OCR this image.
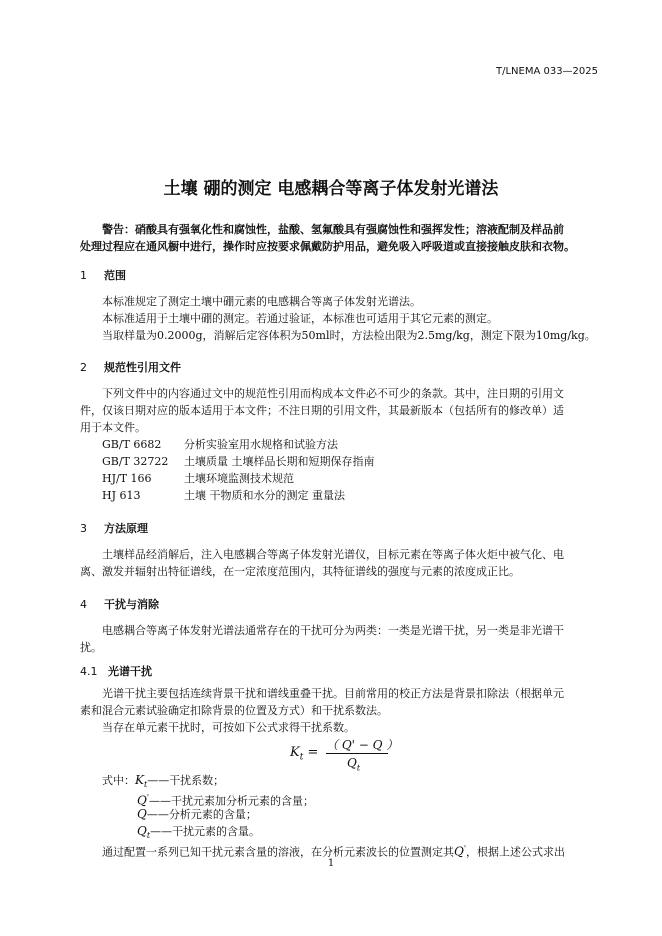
T/LNEMA 033—2025
土壤 硼的测定 电感耦合等离子体发射光谱法
警告：硝酸具有强氧化性和腐蚀性，盐酸、氢氟酸具有强腐蚀性和强挥发性；溶液配制及样品前
处理过程应在通风橱中进行，操作时应按要求佩戴防护用品，避免吸入呼吸道或直接接触皮肤和衣物。
1 范围
本标准规定了测定土壤中硼元素的电感耦合等离子体发射光谱法。
本标准适用于土壤中硼的测定。若通过验证，本标准也可适用于其它元素的测定。
当取样量为0.2000g，消解后定容体积为50ml时，方法检出限为2.5mg/kg，测定下限为10mg/kg。
2 规范性引用文件
下列文件中的内容通过文中的规范性引用而构成本文件必不可少的条款。其中，注日期的引用文
件，仅该日期对应的版本适用于本文件；不注日期的引用文件，其最新版本（包括所有的修改单）适
用于本文件。
GB/T 6682 分析实验室用水规格和试验方法
GB/T 32722 土壤质量 土壤样品长期和短期保存指南
HJ/T 166	土壤环境监测技术规范
HJ 613	土壤 干物质和水分的测定 重量法
3 方法原理
土壤样品经消解后，注入电感耦合等离子体发射光谱仪，目标元素在等离子体火炬中被气化、电
离、激发并辐射出特征谱线，在一定浓度范围内，其特征谱线的强度与元素的浓度成正比。
4 干扰与消除
电感耦合等离子体发射光谱法通常存在的干扰可分为两类：一类是光谱干扰，另一类是非光谱干
扰。
4.1 光谱干扰
光谱干扰主要包括连续背景干扰和谱线重叠干扰。目前常用的校正方法是背景扣除法（根据单元
素和混合元素试验确定扣除背景的位置及方式）和干扰系数法。
当存在单元素干扰时，可按如下公式求得干扰系数。
$K_t$ = （ Q' − Q ）
$Q_t$
式中：$K_t——$干扰系数；
Q'——干扰元素加分析元素的含量；
Q——分析元素的含量；
$Q_t——$干扰元素的含量。
通过配置一系列已知干扰元素含量的溶液，在分析元素波长的位置测定其Q'，根据上述公式求出
1
